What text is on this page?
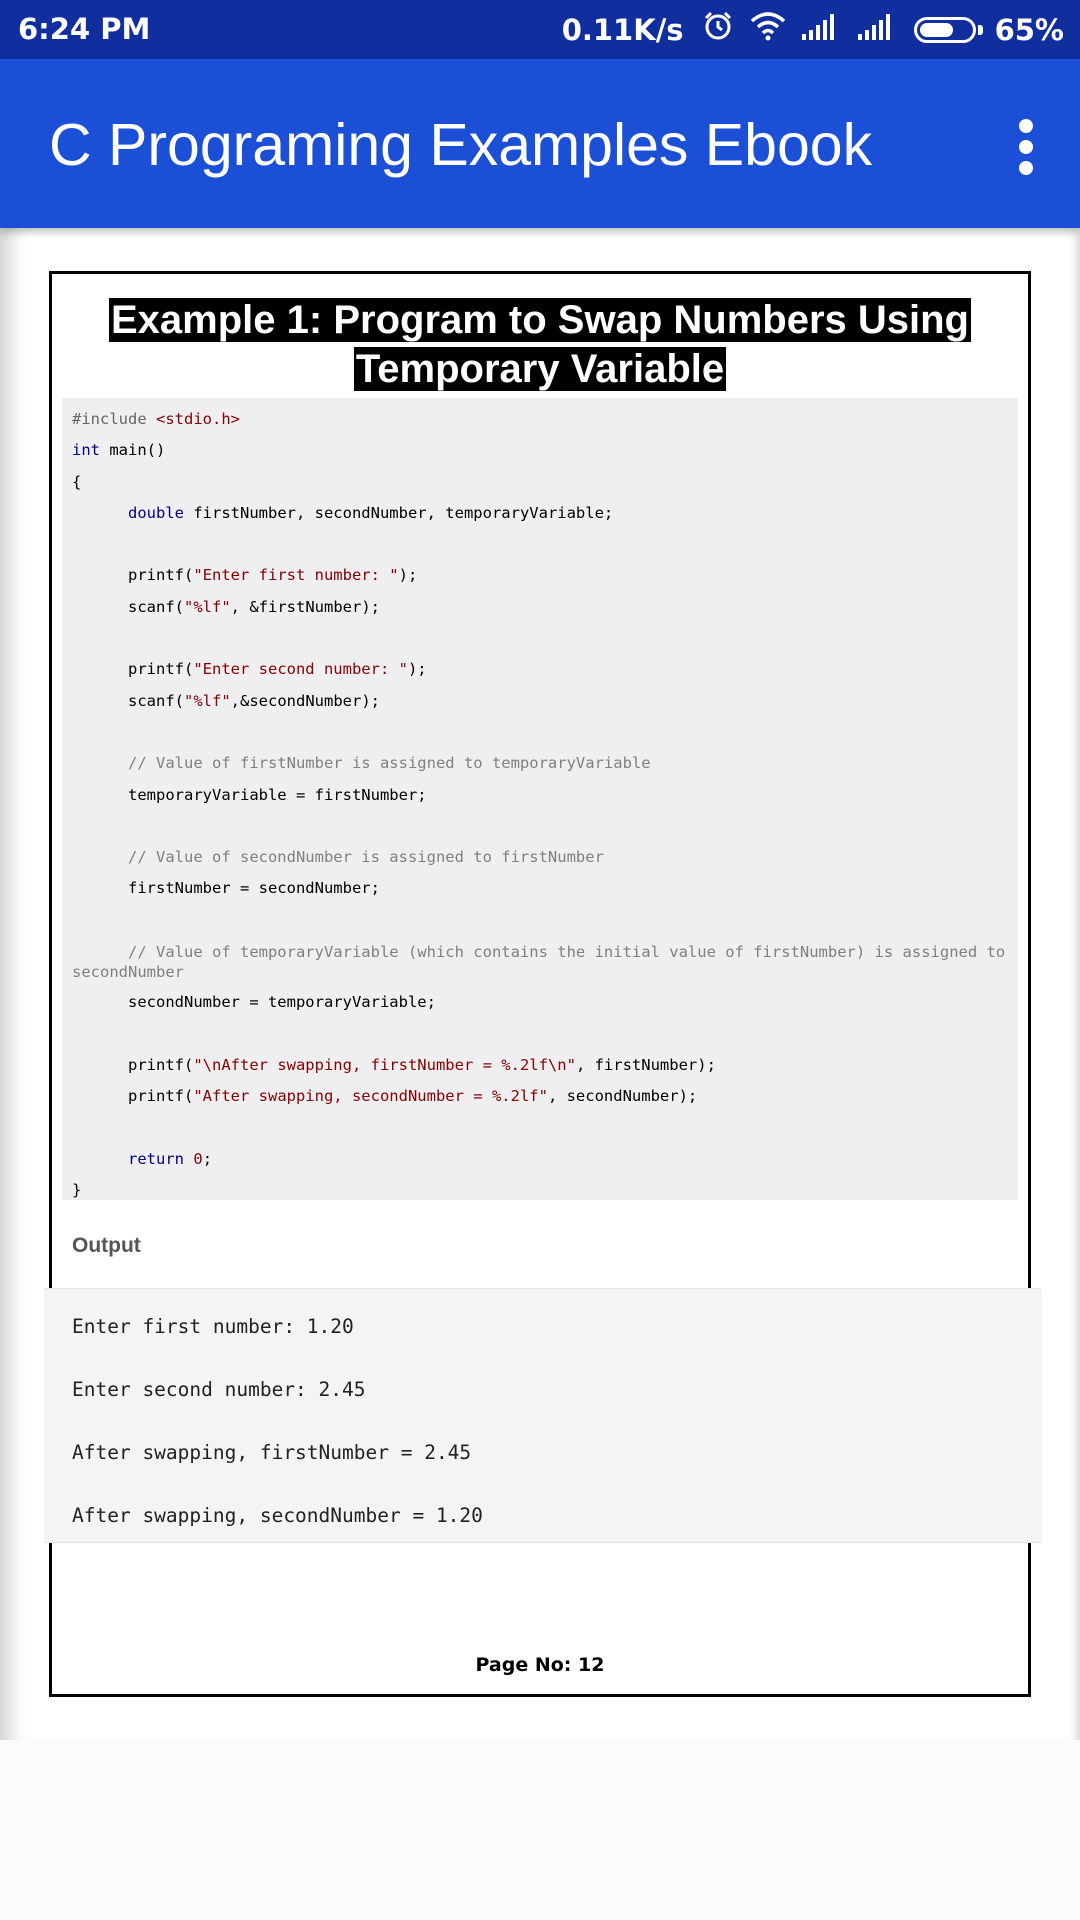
6:24 PM	0.11K/s	65%
C Programing Examples Ebook
Example 1: Program to Swap Numbers Using
Temporary Variable
#include <stdio.h>
int main()
{
double firstNumber, secondNumber, temporaryVariable;
printf("Enter first number: ");
scanf("%lf", &firstNumber);
printf("Enter second number: ");
scanf("%lf",&secondNumber);
// Value of firstNumber is assigned to temporaryVariable
temporaryVariable = firstNumber;
// Value of secondNumber is assigned to firstNumber
firstNumber = secondNumber;
// Value of temporaryVariable (which contains the initial value of firstNumber) is assigned to secondNumber
secondNumber = temporaryVariable;
printf("\nAfter swapping, firstNumber = %.2lf\n", firstNumber);
printf("After swapping, secondNumber = %.2lf", secondNumber);
return 0;
}
Output
Enter first number: 1.20
Enter second number: 2.45
After swapping, firstNumber = 2.45
After swapping, secondNumber = 1.20
Page No: 12
